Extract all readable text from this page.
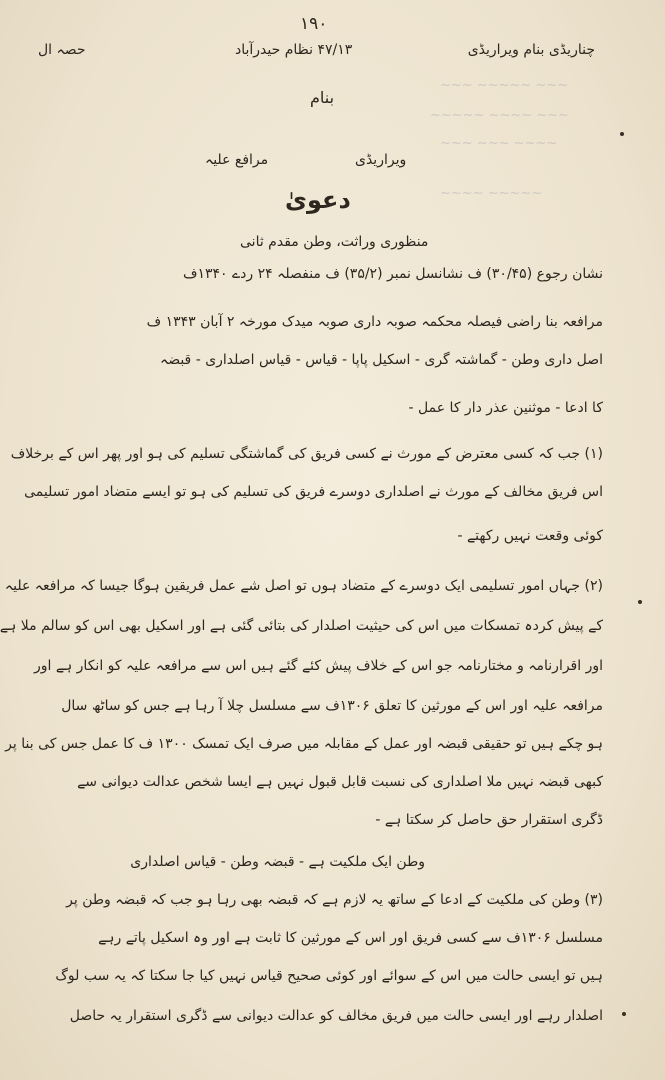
~~~ ~~~~~ ~~~
~~~ ~~~~ ~~~~~
~~~~ ~~~ ~~~
~~~~~ ~~~~
۱۹۰
حصہ ال	۴۷/۱۳ نظام حیدرآباد	چناریڈی بنام ویراریڈی
بنام
مرافع علیہ	ویراریڈی
دعویٰ
منظوری وراثت، وطن مقدم ثانی
نشان رجوع (۳۰/۴۵) ف نشانسل نمبر (۳۵/۲) ف منفصلہ ۲۴ ردے ۱۳۴۰ف
مرافعہ بنا راضی فیصلہ محکمہ صوبہ داری صوبہ میدک مورخہ ۲ آبان ۱۳۴۳ ف
اصل داری وطن - گماشتہ گری - اسکیل پاپا - قیاس - قیاس اصلداری - قبضہ
کا ادعا - موثنین عذر دار کا عمل -
(۱) جب کہ کسی معترض کے مورث نے کسی فریق کی گماشتگی تسلیم کی ہو اور پھر اس کے برخلاف
اس فریق مخالف کے مورث نے اصلداری دوسرے فریق کی تسلیم کی ہو تو ایسے متضاد امور تسلیمی
کوئی وقعت نہیں رکھتے -
(۲) جہاں امور تسلیمی ایک دوسرے کے متضاد ہوں تو اصل شے عمل فریقین ہوگا جیسا کہ مرافعہ علیہ
کے پیش کردہ تمسکات میں اس کی حیثیت اصلدار کی بتائی گئی ہے اور اسکیل بھی اس کو سالم ملا ہے
اور اقرارنامہ و مختارنامہ جو اس کے خلاف پیش کئے گئے ہیں اس سے مرافعہ علیہ کو انکار ہے اور
مرافعہ علیہ اور اس کے مورثین کا تعلق ۱۳۰۶ف سے مسلسل چلا آ رہا ہے جس کو ساٹھ سال
ہو چکے ہیں تو حقیقی قبضہ اور عمل کے مقابلہ میں صرف ایک تمسک ۱۳۰۰ ف کا عمل جس کی بنا پر
کبھی قبضہ نہیں ملا اصلداری کی نسبت قابل قبول نہیں ہے ایسا شخص عدالت دیوانی سے
ڈگری استقرار حق حاصل کر سکتا ہے -
وطن ایک ملکیت ہے - قبضہ وطن - قیاس اصلداری
(۳) وطن کی ملکیت کے ادعا کے ساتھ یہ لازم ہے کہ قبضہ بھی رہا ہو جب کہ قبضہ وطن پر
مسلسل ۱۳۰۶ف سے کسی فریق اور اس کے مورثین کا ثابت ہے اور وہ اسکیل پاتے رہے
ہیں تو ایسی حالت میں اس کے سوائے اور کوئی صحیح قیاس نہیں کیا جا سکتا کہ یہ سب لوگ
اصلدار رہے اور ایسی حالت میں فریق مخالف کو عدالت دیوانی سے ڈگری استقرار یہ حاصل
